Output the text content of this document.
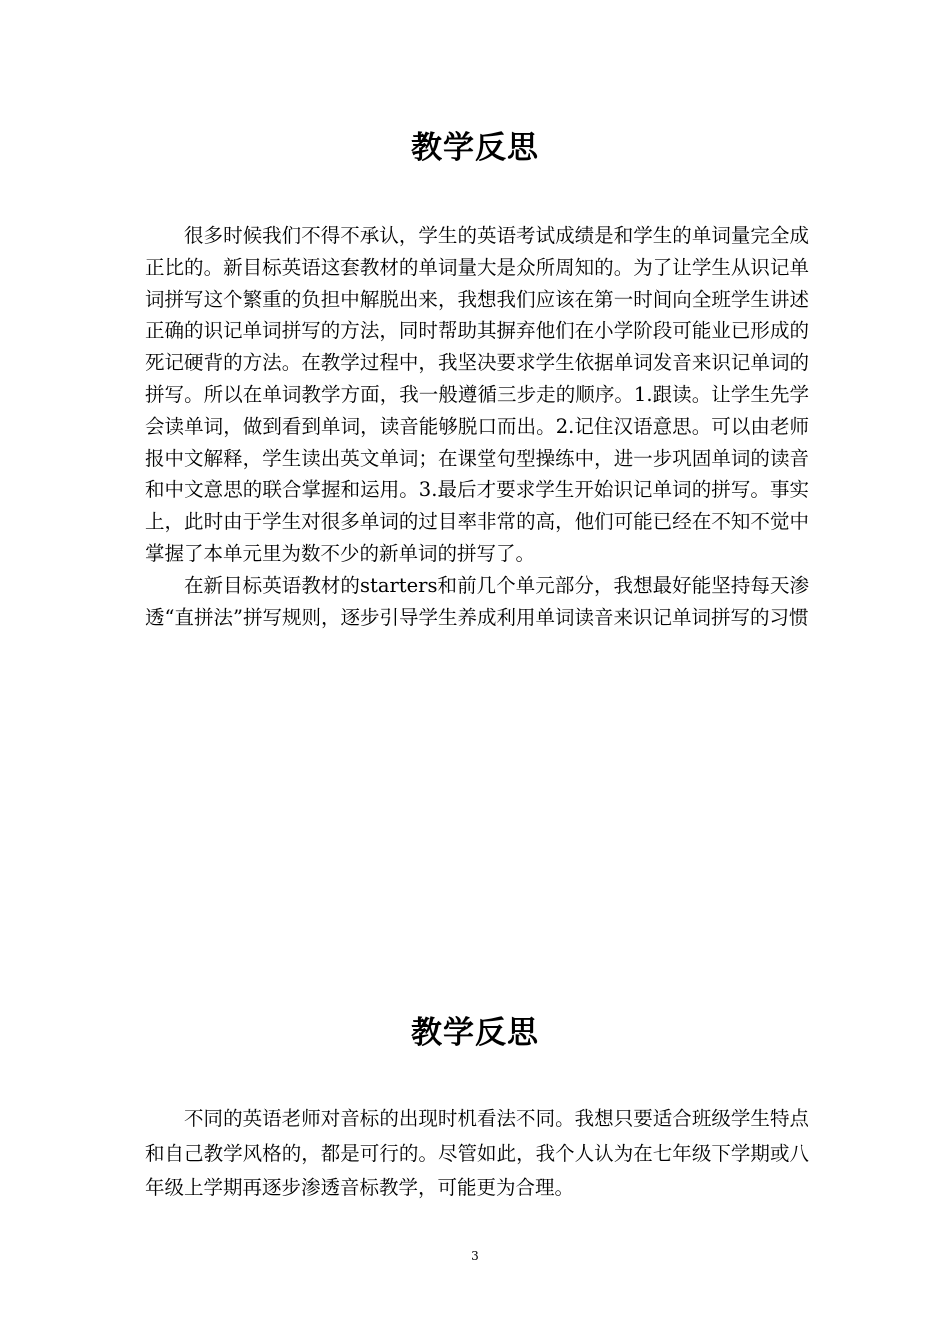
教学反思

很多时候我们不得不承认，学生的英语考试成绩是和学生的单词量完全成正比的。新目标英语这套教材的单词量大是众所周知的。为了让学生从识记单词拼写这个繁重的负担中解脱出来，我想我们应该在第一时间向全班学生讲述正确的识记单词拼写的方法，同时帮助其摒弃他们在小学阶段可能业已形成的死记硬背的方法。在教学过程中，我坚决要求学生依据单词发音来识记单词的拼写。所以在单词教学方面，我一般遵循三步走的顺序。1.跟读。让学生先学会读单词，做到看到单词，读音能够脱口而出。2.记住汉语意思。可以由老师报中文解释，学生读出英文单词；在课堂句型操练中，进一步巩固单词的读音和中文意思的联合掌握和运用。3.最后才要求学生开始识记单词的拼写。事实上，此时由于学生对很多单词的过目率非常的高，他们可能已经在不知不觉中掌握了本单元里为数不少的新单词的拼写了。

在新目标英语教材的starters和前几个单元部分，我想最好能坚持每天渗透“直拼法”拼写规则，逐步引导学生养成利用单词读音来识记单词拼写的习惯

教学反思

不同的英语老师对音标的出现时机看法不同。我想只要适合班级学生特点和自己教学风格的，都是可行的。尽管如此，我个人认为在七年级下学期或八年级上学期再逐步渗透音标教学，可能更为合理。

3
